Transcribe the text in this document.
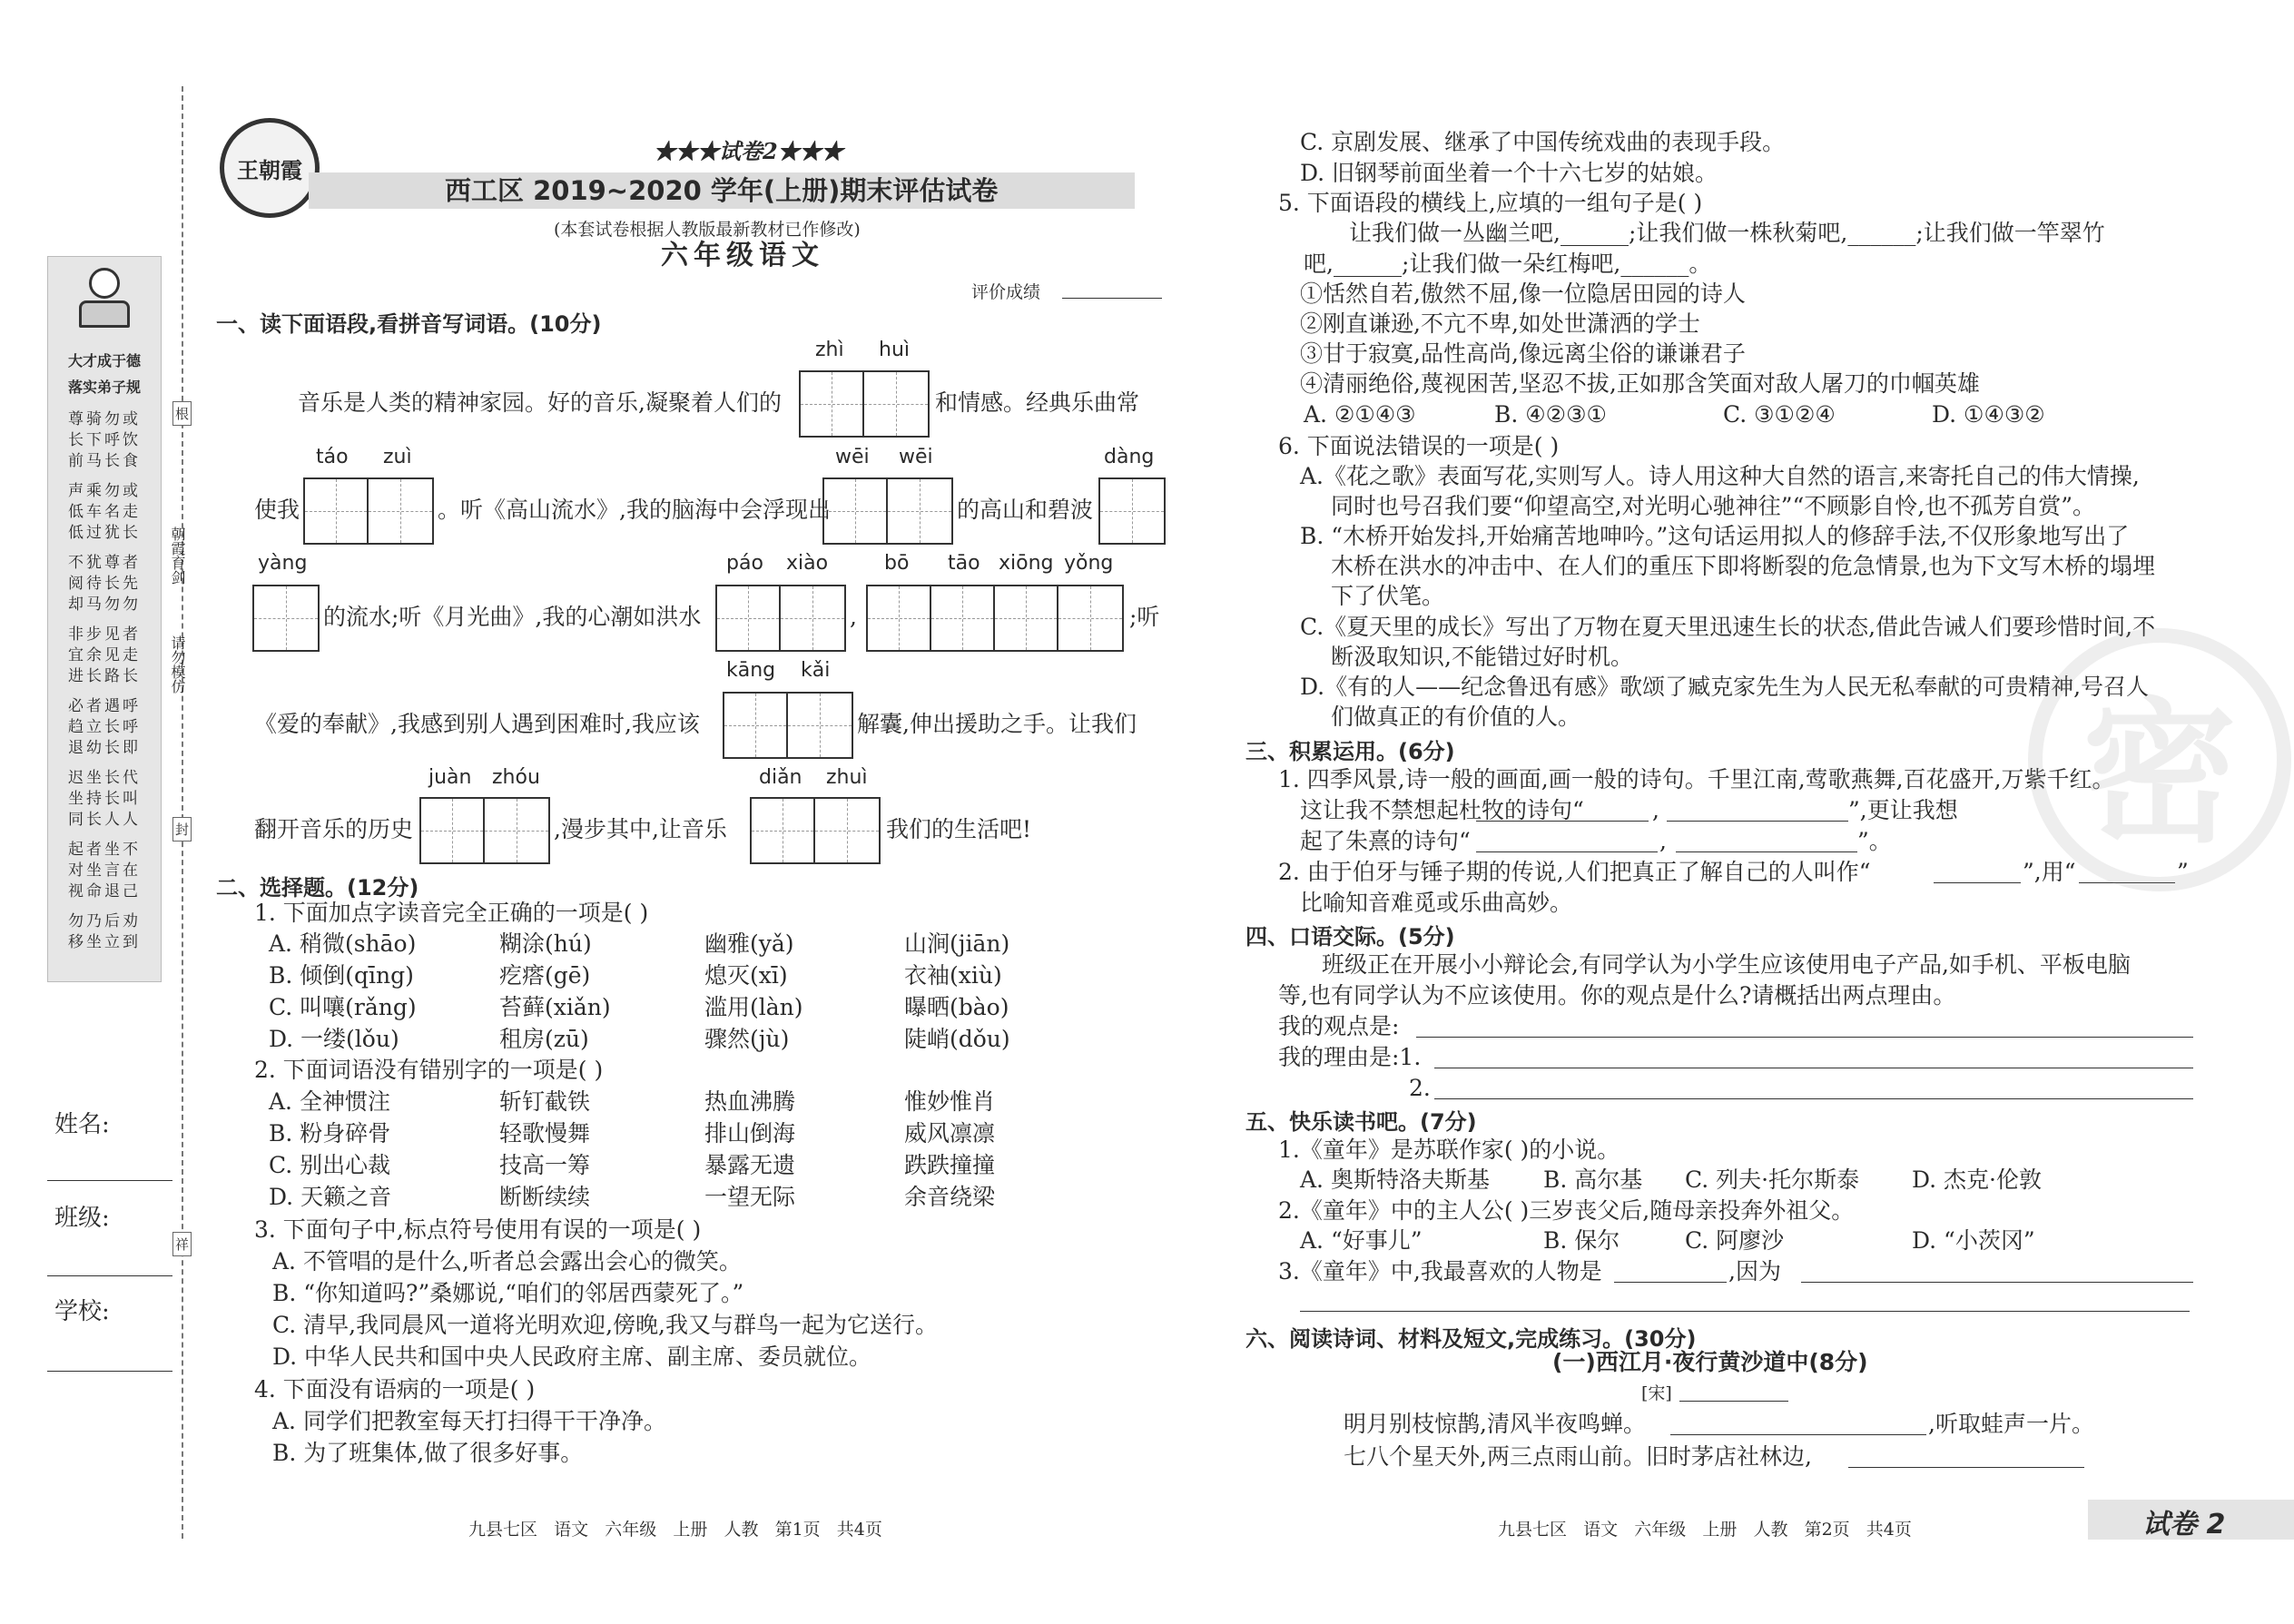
大才成于德
落实弟子规
尊骑勿或
长下呼饮
前马长食
声乘勿或
低车名走
低过犹长
不犹尊者
阅待长先
却马勿勿
非步见者
宜余见走
进长路长
必者遇呼
趋立长呼
退幼长即
迟坐长代
坐持长叫
同长人人
起者坐不
对坐言在
视命退己
勿乃后劝
移坐立到
朝霞育剑
请勿模仿
根
封
祥
姓名:
班级:
学校:
王朝霞
★★★试卷2★★★
西工区 2019~2020 学年(上册)期末评估试卷
(本套试卷根据人教版最新教材已作修改)
六年级语文
评价成绩
一、读下面语段,看拼音写词语。(10分)
音乐是人类的精神家园。好的音乐,凝聚着人们的
zhì huì
和情感。经典乐曲常
使我
táo zuì
。听《高山流水》,我的脑海中会浮现出
wēi wēi
的高山和碧波
dàng
yàng
的流水;听《月光曲》,我的心潮如洪水
páo xiào
,
bō tāo xiōng yǒng
;听
《爱的奉献》,我感到别人遇到困难时,我应该
kāng kǎi
解囊,伸出援助之手。让我们
翻开音乐的历史
juàn zhóu
,漫步其中,让音乐
diǎn zhuì
我们的生活吧!
二、选择题。(12分)
1. 下面加点字读音完全正确的一项是( )
A. 稍微(shāo)	糊涂(hú)	幽雅(yǎ)	山涧(jiān)
B. 倾倒(qīng)	疙瘩(gē)	熄灭(xī)	衣袖(xiù)
C. 叫嚷(rǎng)	苔藓(xiǎn)	滥用(làn)	曝晒(bào)
D. 一缕(lǒu)	租房(zū)	骤然(jù)	陡峭(dǒu)
2. 下面词语没有错别字的一项是( )
A. 全神惯注	斩钉截铁	热血沸腾	惟妙惟肖
B. 粉身碎骨	轻歌慢舞	排山倒海	威风凛凛
C. 别出心裁	技高一筹	暴露无遗	跌跌撞撞
D. 天籁之音	断断续续	一望无际	余音绕梁
3. 下面句子中,标点符号使用有误的一项是( )
A. 不管唱的是什么,听者总会露出会心的微笑。
B. “你知道吗?”桑娜说,“咱们的邻居西蒙死了。”
C. 清早,我同晨风一道将光明欢迎,傍晚,我又与群鸟一起为它送行。
D. 中华人民共和国中央人民政府主席、副主席、委员就位。
4. 下面没有语病的一项是( )
A. 同学们把教室每天打扫得干干净净。
B. 为了班集体,做了很多好事。
九县七区   语文   六年级   上册   人教   第1页   共4页
C. 京剧发展、继承了中国传统戏曲的表现手段。
D. 旧钢琴前面坐着一个十六七岁的姑娘。
5. 下面语段的横线上,应填的一组句子是( )
让我们做一丛幽兰吧,______;让我们做一株秋菊吧,______;让我们做一竿翠竹
吧,______;让我们做一朵红梅吧,______。
①恬然自若,傲然不屈,像一位隐居田园的诗人
②刚直谦逊,不亢不卑,如处世潇洒的学士
③甘于寂寞,品性高尚,像远离尘俗的谦谦君子
④清丽绝俗,蔑视困苦,坚忍不拔,正如那含笑面对敌人屠刀的巾帼英雄
A. ②①④③	B. ④②③①	C. ③①②④	D. ①④③②
6. 下面说法错误的一项是( )
A.《花之歌》表面写花,实则写人。诗人用这种大自然的语言,来寄托自己的伟大情操,
同时也号召我们要“仰望高空,对光明心驰神往”“不顾影自怜,也不孤芳自赏”。
B. “木桥开始发抖,开始痛苦地呻吟。”这句话运用拟人的修辞手法,不仅形象地写出了
木桥在洪水的冲击中、在人们的重压下即将断裂的危急情景,也为下文写木桥的塌埋
下了伏笔。
C.《夏天里的成长》写出了万物在夏天里迅速生长的状态,借此告诫人们要珍惜时间,不
断汲取知识,不能错过好时机。
D.《有的人——纪念鲁迅有感》歌颂了臧克家先生为人民无私奉献的可贵精神,号召人
们做真正的有价值的人。
三、积累运用。(6分)
1. 四季风景,诗一般的画面,画一般的诗句。千里江南,莺歌燕舞,百花盛开,万紫千红。
这让我不禁想起杜牧的诗句“	,	”,更让我想
起了朱熹的诗句“	,	”。
2. 由于伯牙与锤子期的传说,人们把真正了解自己的人叫作“	”,用“	”
比喻知音难觅或乐曲高妙。
四、口语交际。(5分)
班级正在开展小小辩论会,有同学认为小学生应该使用电子产品,如手机、平板电脑
等,也有同学认为不应该使用。你的观点是什么?请概括出两点理由。
我的观点是:
我的理由是:1.
2.
五、快乐读书吧。(7分)
1.《童年》是苏联作家( )的小说。
A. 奥斯特洛夫斯基 B. 高尔基 C. 列夫·托尔斯泰 D. 杰克·伦敦
2.《童年》中的主人公( )三岁丧父后,随母亲投奔外祖父。
A. “好事儿”	B. 保尔	C. 阿廖沙	D. “小茨冈”
3.《童年》中,我最喜欢的人物是	,因为
六、阅读诗词、材料及短文,完成练习。(30分)
(一)西江月·夜行黄沙道中(8分)
[宋]
明月别枝惊鹊,清风半夜鸣蝉。	,听取蛙声一片。
七八个星天外,两三点雨山前。旧时茅店社林边,
九县七区   语文   六年级   上册   人教   第2页   共4页	试卷 2
密
